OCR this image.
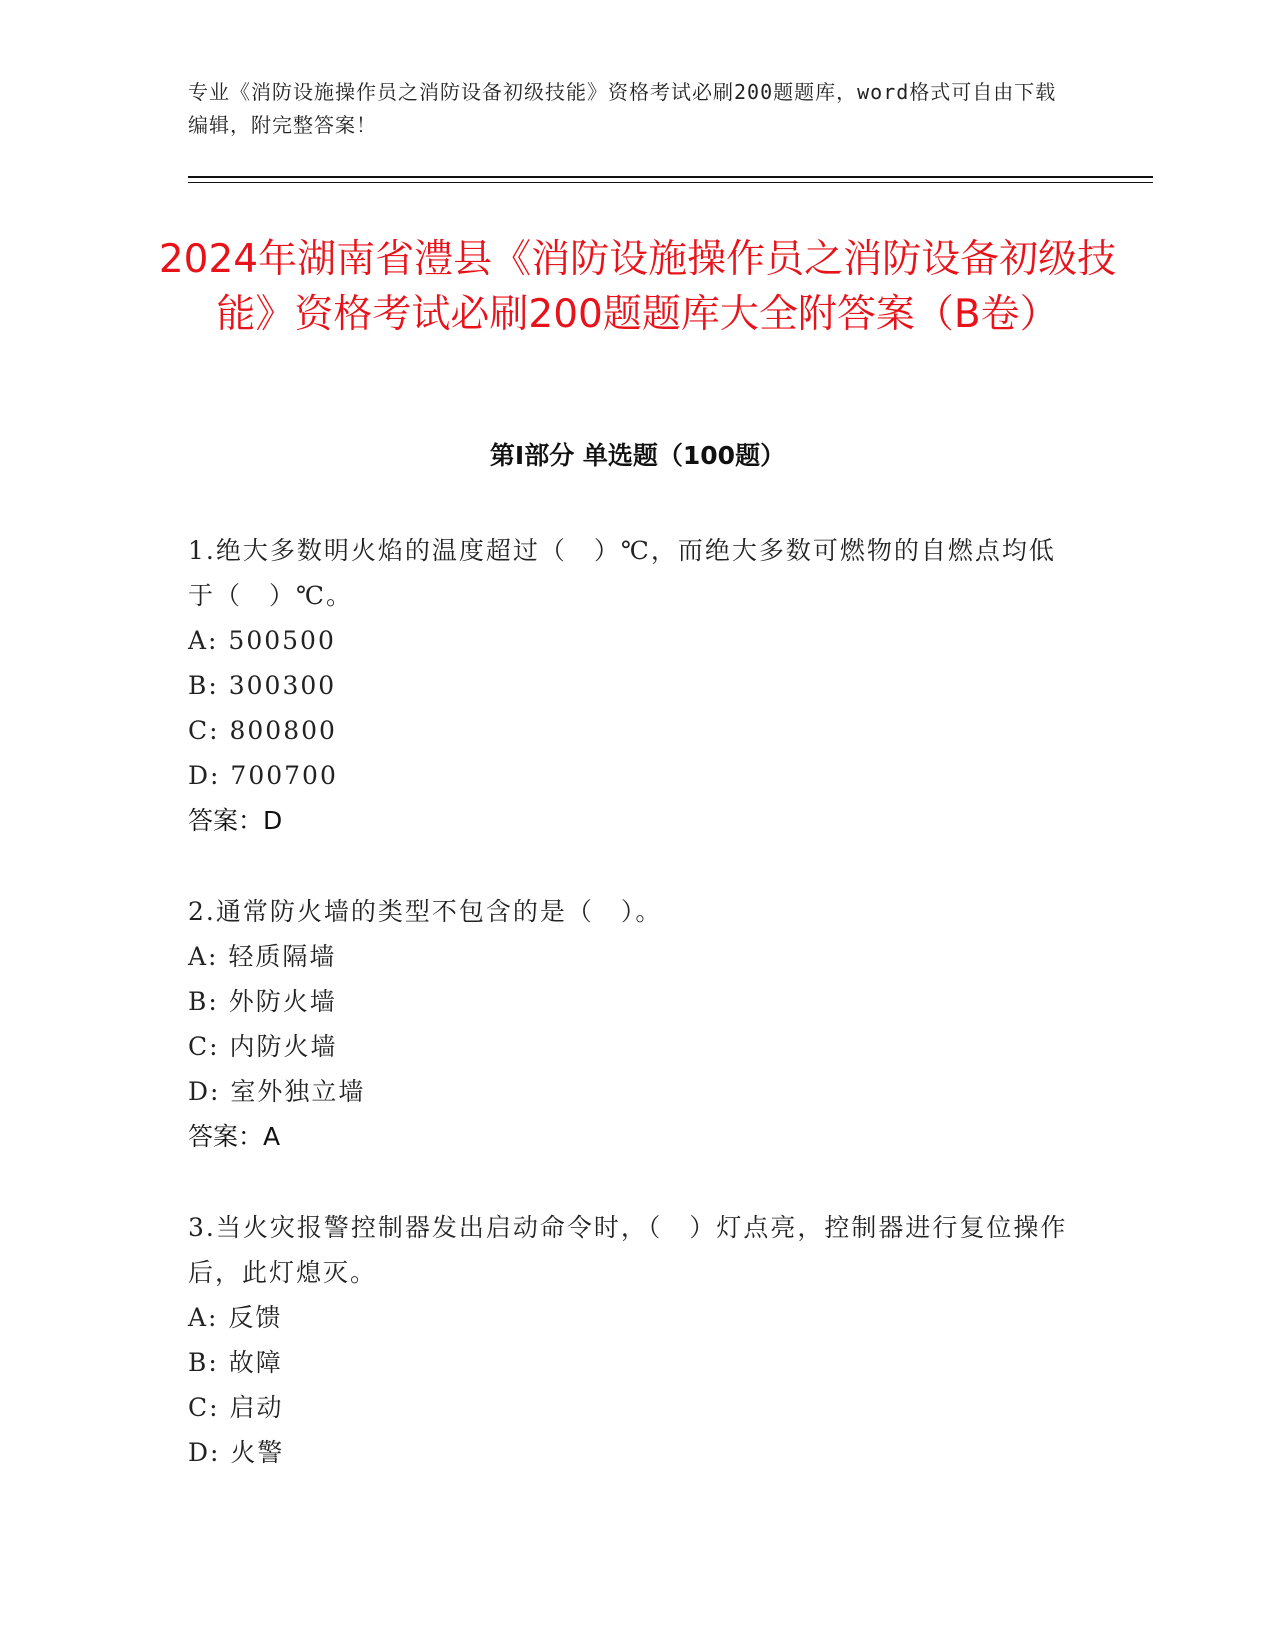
专业《消防设施操作员之消防设备初级技能》资格考试必刷200题题库，word格式可自由下载编辑，附完整答案！
2024年湖南省澧县《消防设施操作员之消防设备初级技能》资格考试必刷200题题库大全附答案（B卷）
第Ⅰ部分 单选题（100题）

1.绝大多数明火焰的温度超过（　）℃，而绝大多数可燃物的自燃点均低于（　）℃。

A: 500500

B: 300300

C: 800800

D: 700700

答案：D

2.通常防火墙的类型不包含的是（　）。

A: 轻质隔墙

B: 外防火墙

C: 内防火墙

D: 室外独立墙

答案：A

3.当火灾报警控制器发出启动命令时，（　）灯点亮，控制器进行复位操作后，此灯熄灭。

A: 反馈

B: 故障

C: 启动

D: 火警
